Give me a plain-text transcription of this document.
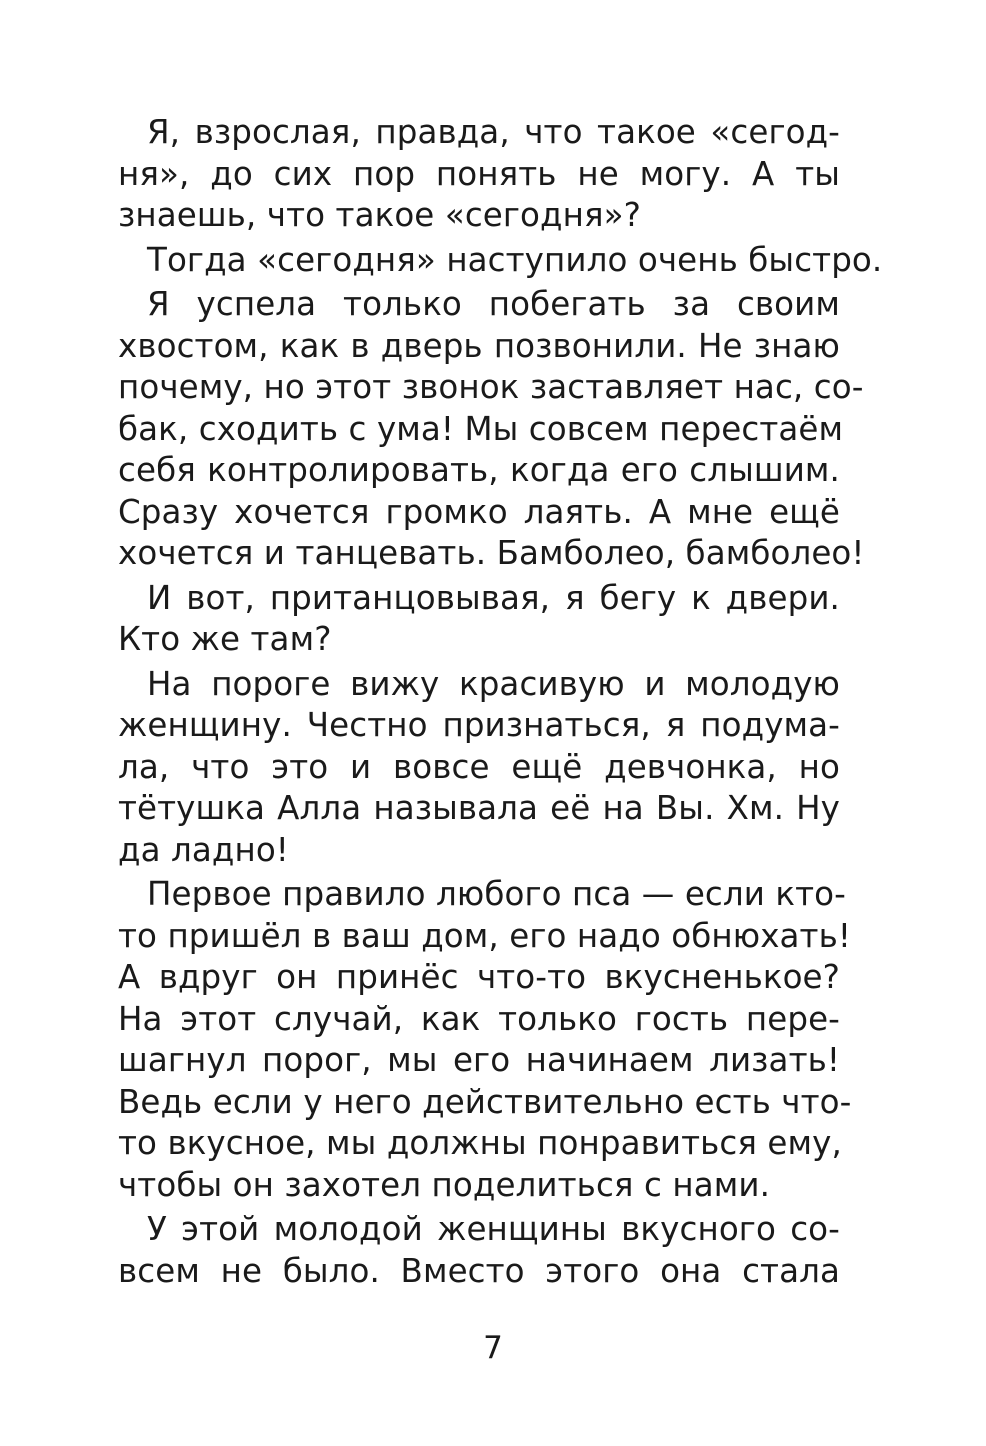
Я, взрослая, правда, что такое «сегод-
ня», до сих пор понять не могу. А ты
знаешь, что такое «сегодня»?
Тогда «сегодня» наступило очень быстро.
Я успела только побегать за своим
хвостом, как в дверь позвонили. Не знаю
почему, но этот звонок заставляет нас, со-
бак, сходить с ума! Мы совсем перестаём
себя контролировать, когда его слышим.
Сразу хочется громко лаять. А мне ещё
хочется и танцевать. Бамболео, бамболео!
И вот, пританцовывая, я бегу к двери.
Кто же там?
На пороге вижу красивую и молодую
женщину. Честно признаться, я подума-
ла, что это и вовсе ещё девчонка, но
тётушка Алла называла её на Вы. Хм. Ну
да ладно!
Первое правило любого пса — если кто-
то пришёл в ваш дом, его надо обнюхать!
А вдруг он принёс что-то вкусненькое?
На этот случай, как только гость пере-
шагнул порог, мы его начинаем лизать!
Ведь если у него действительно есть что-
то вкусное, мы должны понравиться ему,
чтобы он захотел поделиться с нами.
У этой молодой женщины вкусного со-
всем не было. Вместо этого она стала
7
